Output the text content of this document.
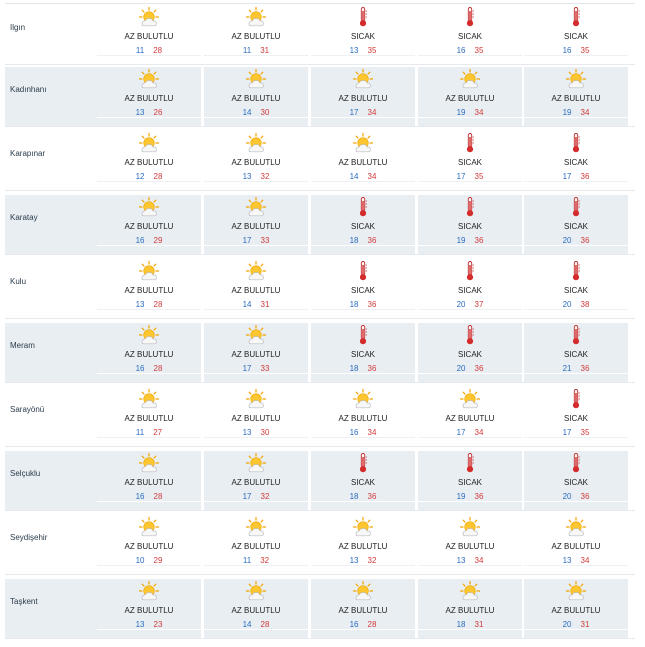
Ilgın
AZ BULUTLU
11 28
AZ BULUTLU
11 31
SICAK
13 35
SICAK
16 35
SICAK
16 35
Kadınhanı
AZ BULUTLU
13 26
AZ BULUTLU
14 30
AZ BULUTLU
17 34
AZ BULUTLU
19 34
AZ BULUTLU
19 34
Karapınar
AZ BULUTLU
12 28
AZ BULUTLU
13 32
AZ BULUTLU
14 34
SICAK
17 35
SICAK
17 36
Karatay
AZ BULUTLU
16 29
AZ BULUTLU
17 33
SICAK
18 36
SICAK
19 36
SICAK
20 36
Kulu
AZ BULUTLU
13 28
AZ BULUTLU
14 31
SICAK
18 36
SICAK
20 37
SICAK
20 38
Meram
AZ BULUTLU
16 28
AZ BULUTLU
17 33
SICAK
18 36
SICAK
20 36
SICAK
21 36
Sarayönü
AZ BULUTLU
11 27
AZ BULUTLU
13 30
AZ BULUTLU
16 34
AZ BULUTLU
17 34
SICAK
17 35
Selçuklu
AZ BULUTLU
16 28
AZ BULUTLU
17 32
SICAK
18 36
SICAK
19 36
SICAK
20 36
Seydişehir
AZ BULUTLU
10 29
AZ BULUTLU
11 32
AZ BULUTLU
13 32
AZ BULUTLU
13 34
AZ BULUTLU
13 34
Taşkent
AZ BULUTLU
13 23
AZ BULUTLU
14 28
AZ BULUTLU
16 28
AZ BULUTLU
18 31
AZ BULUTLU
20 31
